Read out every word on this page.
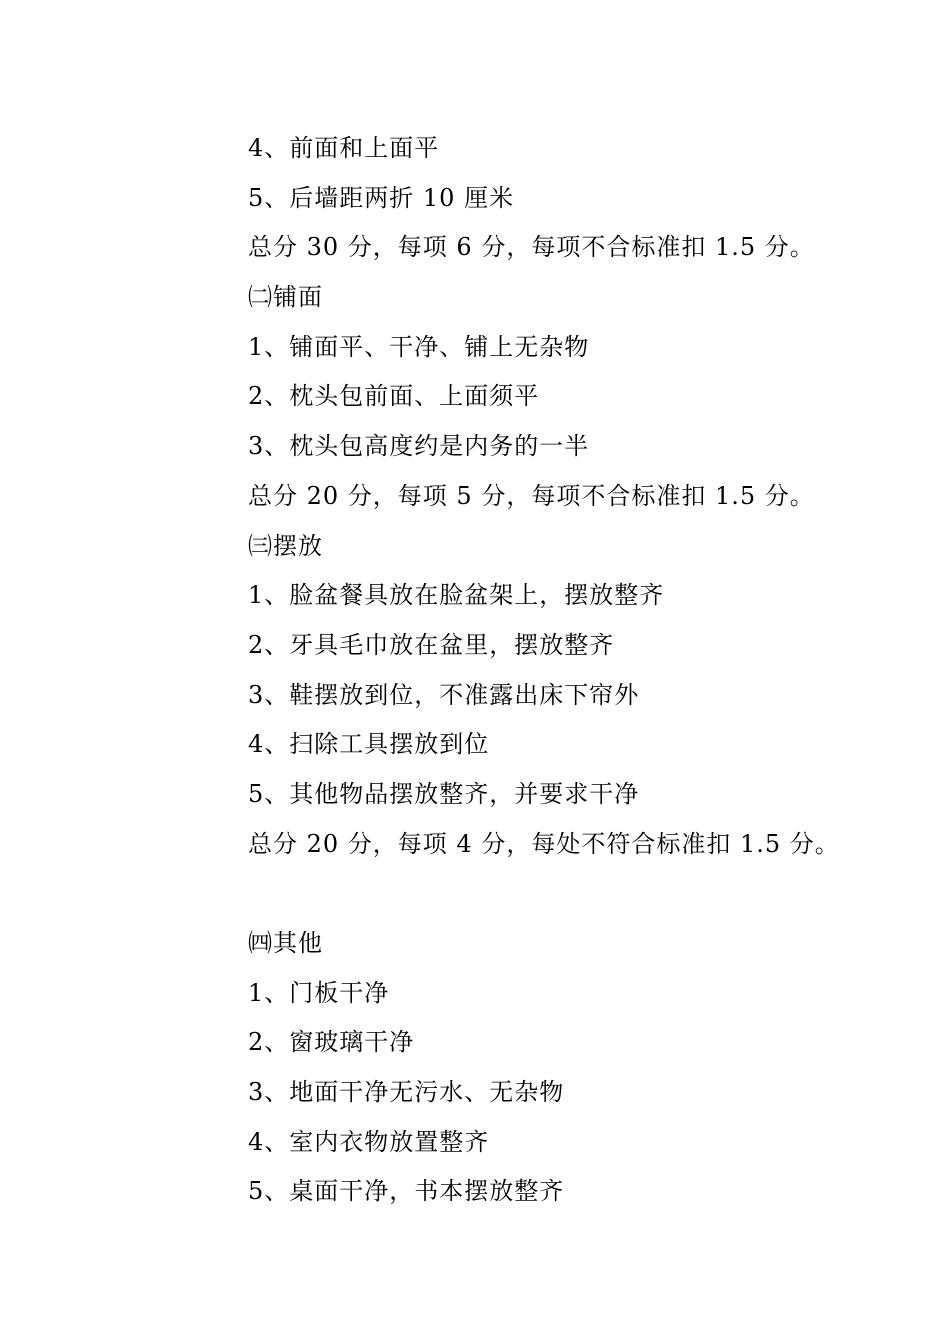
4、前面和上面平
5、后墙距两折 10 厘米
总分 30 分，每项 6 分，每项不合标准扣 1.5 分。
㈡铺面
1、铺面平、干净、铺上无杂物
2、枕头包前面、上面须平
3、枕头包高度约是内务的一半
总分 20 分，每项 5 分，每项不合标准扣 1.5 分。
㈢摆放
1、脸盆餐具放在脸盆架上，摆放整齐
2、牙具毛巾放在盆里，摆放整齐
3、鞋摆放到位，不准露出床下帘外
4、扫除工具摆放到位
5、其他物品摆放整齐，并要求干净
总分 20 分，每项 4 分，每处不符合标准扣 1.5 分。
㈣其他
1、门板干净
2、窗玻璃干净
3、地面干净无污水、无杂物
4、室内衣物放置整齐
5、桌面干净，书本摆放整齐
